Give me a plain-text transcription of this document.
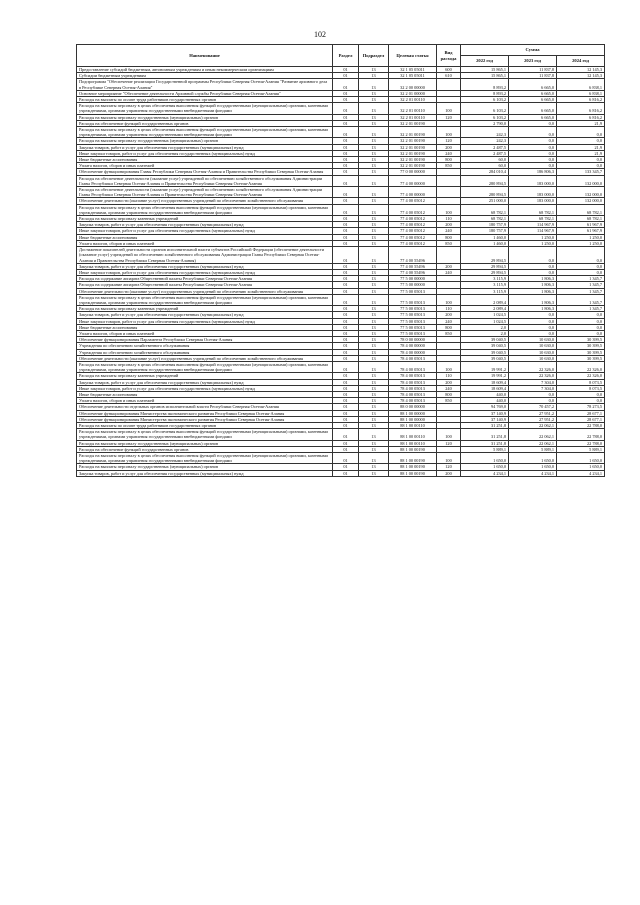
102
Наименование	Раздел	Подраздел	Целевая статья	Вид расхода	Сумма		
					2022 год	2023 год	2024 год
Предоставление субсидий бюджетным, автономным учреждениям и иным некоммерческим организациям	01	13	32 1 05 05011	600	15 865,1	11 837,8	12 145,3
Субсидии бюджетным учреждениям	01	13	32 1 05 05011	610	15 865,1	11 837,8	12 145,3
Подпрограмма "Обеспечение реализации Государственной программы Республики Северная Осетия-Алания "Развитие архивного дела в Республике Северная Осетия-Алания"	01	13	32 2 00 00000		8 893,2	6 665,0	6 838,1
Основное мероприятие "Обеспечение деятельности Архивной службы Республики Северная Осетия-Алания"	01	13	32 2 01 00000		8 893,2	6 665,0	6 838,1
Расходы на выплаты по оплате труда работников государственных органов	01	13	32 2 01 00110		6 103,2	6 665,0	6 816,2
Расходы на выплаты персоналу в целях обеспечения выполнения функций государственными (муниципальными) органами, казенными учреждениями, органами управления государственными внебюджетными фондами	01	13	32 2 01 00110	100	6 103,2	6 665,0	6 816,2
Расходы на выплаты персоналу государственных (муниципальных) органов	01	13	32 2 01 00110	120	6 103,2	6 665,0	6 816,2
Расходы на обеспечение функций государственных органов	01	13	32 2 01 00190		2 790,0	0,0	21,9
Расходы на выплаты персоналу в целях обеспечения выполнения функций государственными (муниципальными) органами, казенными учреждениями, органами управления государственными внебюджетными фондами	01	13	32 2 01 00190	100	242,3	0,0	0,0
Расходы на выплаты персоналу государственных (муниципальных) органов	01	13	32 2 01 00190	120	242,3	0,0	0,0
Закупка товаров, работ и услуг для обеспечения государственных (муниципальных) нужд	01	13	32 2 01 00190	200	2 487,5	0,0	21,9
Иные закупки товаров, работ и услуг для обеспечения государственных (муниципальных) нужд	01	13	32 2 01 00190	240	2 487,5	0,0	21,9
Иные бюджетные ассигнования	01	13	32 2 01 00190	800	60,0	0,0	0,0
Уплата налогов, сборов и иных платежей	01	13	32 2 01 00190	850	60,0	0,0	0,0
Обеспечение функционирования Главы Республики Северная Осетия-Алания и Правительства Республики Северная Осетия-Алания	01	13	77 0 00 00000		284 010,4	186 806,3	133 345,7
Расходы на обеспечение деятельности (оказание услуг) учреждений по обеспечению хозяйственного обслуживания Администрации Главы Республики Северная Осетия-Алания и Правительства Республики Северная Осетия-Алания	01	13	77 4 00 00000		280 894,5	183 000,0	132 000,0
Расходы на обеспечение деятельности (оказание услуг) учреждений по обеспечению хозяйственного обслуживания Администрации Главы Республики Северная Осетия-Алания и Правительства Республики Северная Осетия-Алания	01	13	77 4 00 00000		280 894,5	183 000,0	132 000,0
Обеспечение деятельности (оказание услуг) государственных учреждений по обеспечению хозяйственного обслуживания	01	13	77 4 00 05012		251 000,0	183 000,0	132 000,0
Расходы на выплаты персоналу в целях обеспечения выполнения функций государственными (муниципальными) органами, казенными учреждениями, органами управления государственными внебюджетными фондами	01	13	77 4 00 05012	100	68 782,1	68 782,1	68 782,1
Расходы на выплаты персоналу казенных учреждений	01	13	77 4 00 05012	110	68 782,1	68 782,1	68 782,1
Закупка товаров, работ и услуг для обеспечения государственных (муниципальных) нужд	01	13	77 4 00 05012	200	180 757,9	114 967,9	61 967,9
Иные закупки товаров, работ и услуг для обеспечения государственных (муниципальных) нужд	01	13	77 4 00 05012	240	180 757,9	114 967,9	61 967,9
Иные бюджетные ассигнования	01	13	77 4 00 05012	800	1 460,0	1 250,0	1 250,0
Уплата налогов, сборов и иных платежей	01	13	77 4 00 05012	850	1 460,0	1 250,0	1 250,0
Достижение показателей деятельности органов исполнительной власти субъектов Российской Федерации (обеспечение деятельности (оказание услуг) учреждений по обеспечению хозяйственного обслуживания Администрации Главы Республики Северная Осетия-Алания и Правительства Республики Северная Осетия-Алания)	01	13	77 4 00 55496		29 894,5	0,0	0,0
Закупка товаров, работ и услуг для обеспечения государственных (муниципальных) нужд	01	13	77 4 00 55496	200	29 894,5	0,0	0,0
Иные закупки товаров, работ и услуг для обеспечения государственных (муниципальных) нужд	01	13	77 4 00 55496	240	29 894,5	0,0	0,0
Расходы на содержание аппарата Общественной палаты Республики Северная Осетия-Алания	01	13	77 5 00 00000		3 115,9	1 806,3	1 345,7
Расходы на содержание аппарата Общественной палаты Республики Северная Осетия-Алания	01	13	77 5 00 00000		3 115,9	1 806,3	1 345,7
Обеспечение деятельности (оказание услуг) государственных учреждений по обеспечению хозяйственного обслуживания	01	13	77 5 00 05013		3 115,9	1 806,3	1 345,7
Расходы на выплаты персоналу в целях обеспечения выполнения функций государственными (муниципальными) органами, казенными учреждениями, органами управления государственными внебюджетными фондами	01	13	77 5 00 05013	100	2 089,4	1 806,3	1 345,7
Расходы на выплаты персоналу казенных учреждений	01	13	77 5 00 05013	110	2 089,4	1 806,3	1 345,7
Закупка товаров, работ и услуг для обеспечения государственных (муниципальных) нужд	01	13	77 5 00 05013	200	1 024,5	0,0	0,0
Иные закупки товаров, работ и услуг для обеспечения государственных (муниципальных) нужд	01	13	77 5 00 05013	240	1 024,5	0,0	0,0
Иные бюджетные ассигнования	01	13	77 5 00 05013	800	2,0	0,0	0,0
Уплата налогов, сборов и иных платежей	01	13	77 5 00 05013	850	2,0	0,0	0,0
Обеспечение функционирования Парламента Республики Северная Осетия-Алания	01	13	78 0 00 00000		39 040,5	10 630,0	30 399,5
Учреждения по обеспечению хозяйственного обслуживания	01	13	78 4 00 00000		39 040,5	10 630,0	30 399,5
Учреждения по обеспечению хозяйственного обслуживания	01	13	78 4 00 00000		39 040,5	10 630,0	30 399,5
Обеспечение деятельности (оказание услуг) государственных учреждений по обеспечению хозяйственного обслуживания	01	13	78 4 00 05013		39 040,5	10 630,0	30 399,5
Расходы на выплаты персоналу в целях обеспечения выполнения функций государственными (муниципальными) органами, казенными учреждениями, органами управления государственными внебюджетными фондами	01	13	78 4 00 05013	100	19 991,2	22 326,0	22 326,0
Расходы на выплаты персоналу казенных учреждений	01	13	78 4 00 05013	110	19 991,2	22 326,0	22 326,0
Закупка товаров, работ и услуг для обеспечения государственных (муниципальных) нужд	01	13	78 4 00 05013	200	18 609,4	7 304,0	8 073,5
Иные закупки товаров, работ и услуг для обеспечения государственных (муниципальных) нужд	01	13	78 4 00 05013	240	18 609,4	7 304,0	8 073,5
Иные бюджетные ассигнования	01	13	78 4 00 05013	800	440,0	0,0	0,0
Уплата налогов, сборов и иных платежей	01	13	78 4 00 05013	850	440,0	0,0	0,0
Обеспечение деятельности отдельных органов исполнительной власти Республики Северная Осетия-Алания	01	13	88 0 00 00000		94 769,0	70 457,2	78 273,5
Обеспечение функционирования Министерства экономического развития Республики Северная Осетия-Алания	01	13	88 1 00 00000		37 140,9	27 951,2	28 677,1
Обеспечение функционирования Министерства экономического развития Республики Северная Осетия-Алания	01	13	88 1 00 00000		37 140,9	27 951,2	28 677,1
Расходы на выплаты по оплате труда работников государственных органов	01	13	88 1 00 00110		31 251,8	22 062,1	22 788,0
Расходы на выплаты персоналу в целях обеспечения выполнения функций государственными (муниципальными) органами, казенными учреждениями, органами управления государственными внебюджетными фондами	01	13	88 1 00 00110	100	31 251,8	22 062,1	22 788,0
Расходы на выплаты персоналу государственных (муниципальных) органов	01	13	88 1 00 00110	120	31 251,8	22 062,1	22 788,0
Расходы на обеспечение функций государственных органов	01	13	88 1 00 00190		5 889,1	5 889,1	5 889,1
Расходы на выплаты персоналу в целях обеспечения выполнения функций государственными (муниципальными) органами, казенными учреждениями, органами управления государственными внебюджетными фондами	01	13	88 1 00 00190	100	1 650,0	1 650,0	1 650,0
Расходы на выплаты персоналу государственных (муниципальных) органов	01	13	88 1 00 00190	120	1 650,0	1 650,0	1 650,0
Закупка товаров, работ и услуг для обеспечения государственных (муниципальных) нужд	01	13	88 1 00 00190	200	4 234,1	4 234,1	4 234,1
